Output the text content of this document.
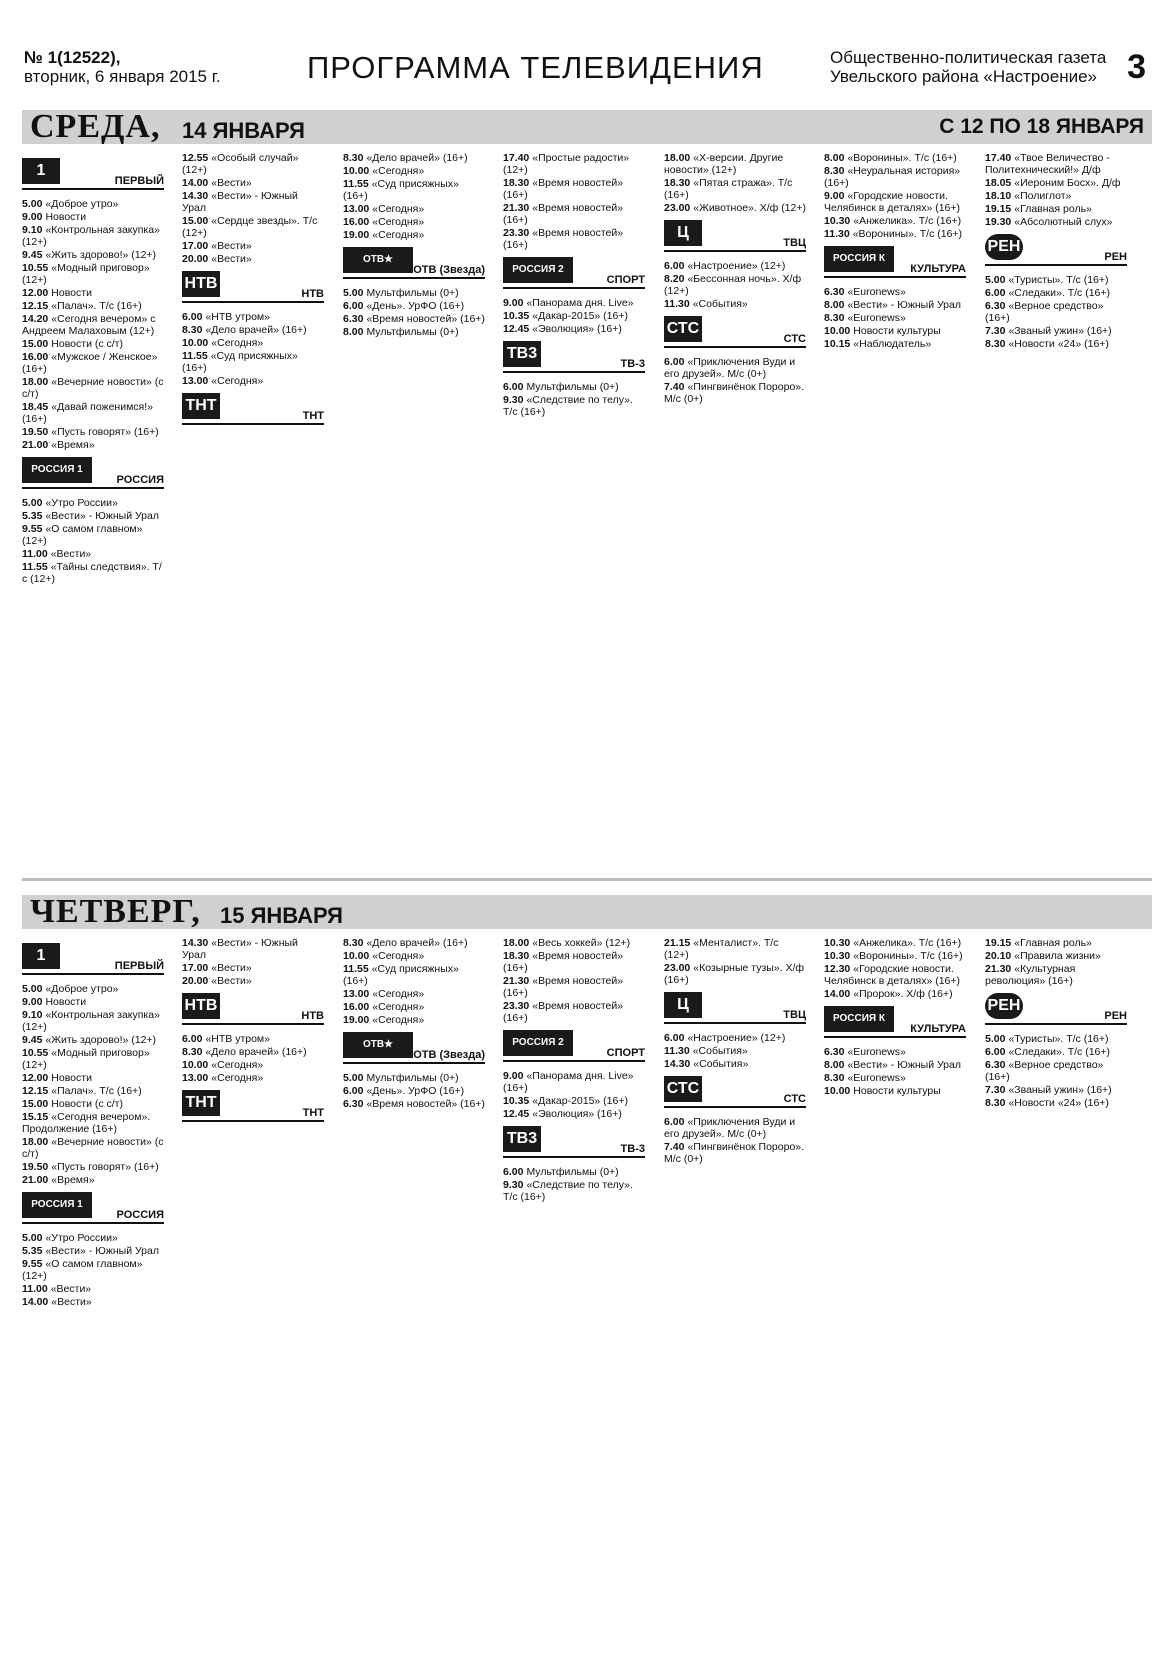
№ 1(12522),
вторник, 6 января 2015 г.	ПРОГРАММА ТЕЛЕВИДЕНИЯ	Общественно-политическая газета
Увельского района «Настроение» 3
СРЕДА, 14 ЯНВАРЯ	С 12 ПО 18 ЯНВАРЯ
1
ПЕРВЫЙ
5.00 «Доброе утро»
9.00 Новости
9.10 «Контрольная закупка» (12+)
9.45 «Жить здорово!» (12+)
10.55 «Модный приговор» (12+)
12.00 Новости
12.15 «Палач». Т/с (16+)
14.20 «Сегодня вечером» с Андреем Малаховым (12+)
15.00 Новости (с с/т)
16.00 «Мужское / Женское» (16+)
18.00 «Вечерние новости» (с с/т)
18.45 «Давай поженимся!» (16+)
19.50 «Пусть говорят» (16+)
21.00 «Время»
РОССИЯ 1
РОССИЯ
5.00 «Утро России»
5.35 «Вести» - Южный Урал
9.55 «О самом главном» (12+)
11.00 «Вести»
11.55 «Тайны следствия». Т/с (12+)
12.55 «Особый случай» (12+)
14.00 «Вести»
14.30 «Вести» - Южный Урал
15.00 «Сердце звезды». Т/с (12+)
17.00 «Вести»
20.00 «Вести»
НТВ
НТВ
6.00 «НТВ утром»
8.30 «Дело врачей» (16+)
10.00 «Сегодня»
11.55 «Суд присяжных» (16+)
13.00 «Сегодня»
ТНТ
ТНТ
8.30 «Дело врачей» (16+)
10.00 «Сегодня»
11.55 «Суд присяжных» (16+)
13.00 «Сегодня»
16.00 «Сегодня»
19.00 «Сегодня»
ОТВ★
ОТВ (Звезда)
5.00 Мультфильмы (0+)
6.00 «День». УрФО (16+)
6.30 «Время новостей» (16+)
8.00 Мультфильмы (0+)
17.40 «Простые радости» (12+)
18.30 «Время новостей» (16+)
21.30 «Время новостей» (16+)
23.30 «Время новостей» (16+)
РОССИЯ 2
СПОРТ
9.00 «Панорама дня. Live»
10.35 «Дакар-2015» (16+)
12.45 «Эволюция» (16+)
ТВ3
ТВ-3
6.00 Мультфильмы (0+)
9.30 «Следствие по телу». Т/с (16+)
18.00 «Х-версии. Другие новости» (12+)
18.30 «Пятая стража». Т/с (16+)
23.00 «Животное». Х/ф (12+)
Ц
ТВЦ
6.00 «Настроение» (12+)
8.20 «Бессонная ночь». Х/ф (12+)
11.30 «События»
СТС
СТС
6.00 «Приключения Вуди и его друзей». М/с (0+)
7.40 «Пингвинёнок Пороро». М/с (0+)
8.00 «Воронины». Т/с (16+)
8.30 «Неуральная история» (16+)
9.00 «Городские новости. Челябинск в деталях» (16+)
10.30 «Анжелика». Т/с (16+)
11.30 «Воронины». Т/с (16+)
РОССИЯ К
КУЛЬТУРА
6.30 «Euronews»
8.00 «Вести» - Южный Урал
8.30 «Euronews»
10.00 Новости культуры
10.15 «Наблюдатель»
17.40 «Твое Величество - Политехнический!» Д/ф
18.05 «Иероним Босх». Д/ф
18.10 «Полиглот»
19.15 «Главная роль»
19.30 «Абсолютный слух»
РЕН
РЕН
5.00 «Туристы». Т/с (16+)
6.00 «Следаки». Т/с (16+)
6.30 «Верное средство» (16+)
7.30 «Званый ужин» (16+)
8.30 «Новости «24» (16+)
ЧЕТВЕРГ, 15 ЯНВАРЯ
1
ПЕРВЫЙ
5.00 «Доброе утро»
9.00 Новости
9.10 «Контрольная закупка» (12+)
9.45 «Жить здорово!» (12+)
10.55 «Модный приговор» (12+)
12.00 Новости
12.15 «Палач». Т/с (16+)
15.00 Новости (с с/т)
15.15 «Сегодня вечером». Продолжение (16+)
18.00 «Вечерние новости» (с с/т)
19.50 «Пусть говорят» (16+)
21.00 «Время»
РОССИЯ 1
РОССИЯ
5.00 «Утро России»
5.35 «Вести» - Южный Урал
9.55 «О самом главном» (12+)
11.00 «Вести»
14.00 «Вести»
14.30 «Вести» - Южный Урал
17.00 «Вести»
20.00 «Вести»
НТВ
НТВ
6.00 «НТВ утром»
8.30 «Дело врачей» (16+)
10.00 «Сегодня»
13.00 «Сегодня»
ТНТ
ТНТ
8.30 «Дело врачей» (16+)
10.00 «Сегодня»
11.55 «Суд присяжных» (16+)
13.00 «Сегодня»
16.00 «Сегодня»
19.00 «Сегодня»
ОТВ★
ОТВ (Звезда)
5.00 Мультфильмы (0+)
6.00 «День». УрФО (16+)
6.30 «Время новостей» (16+)
18.00 «Весь хоккей» (12+)
18.30 «Время новостей» (16+)
21.30 «Время новостей» (16+)
23.30 «Время новостей» (16+)
РОССИЯ 2
СПОРТ
9.00 «Панорама дня. Live» (16+)
10.35 «Дакар-2015» (16+)
12.45 «Эволюция» (16+)
ТВ3
ТВ-3
6.00 Мультфильмы (0+)
9.30 «Следствие по телу». Т/с (16+)
21.15 «Менталист». Т/с (12+)
23.00 «Козырные тузы». Х/ф (16+)
Ц
ТВЦ
6.00 «Настроение» (12+)
11.30 «События»
14.30 «События»
СТС
СТС
6.00 «Приключения Вуди и его друзей». М/с (0+)
7.40 «Пингвинёнок Пороро». М/с (0+)
10.30 «Анжелика». Т/с (16+)
10.30 «Воронины». Т/с (16+)
12.30 «Городские новости. Челябинск в деталях» (16+)
14.00 «Пророк». Х/ф (16+)
РОССИЯ К
КУЛЬТУРА
6.30 «Euronews»
8.00 «Вести» - Южный Урал
8.30 «Euronews»
10.00 Новости культуры
19.15 «Главная роль»
20.10 «Правила жизни»
21.30 «Культурная революция» (16+)
РЕН
РЕН
5.00 «Туристы». Т/с (16+)
6.00 «Следаки». Т/с (16+)
6.30 «Верное средство» (16+)
7.30 «Званый ужин» (16+)
8.30 «Новости «24» (16+)
